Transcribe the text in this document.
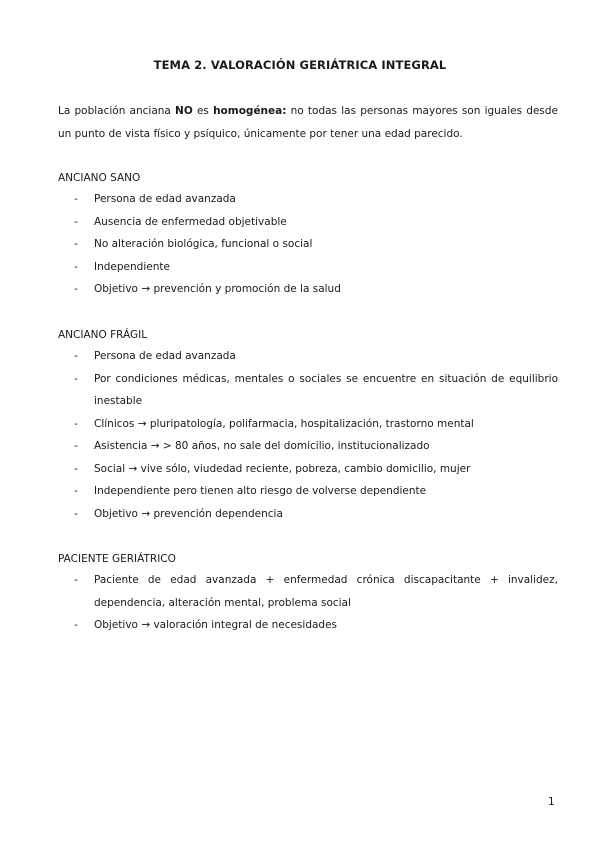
TEMA 2. VALORACIÓN GERIÁTRICA INTEGRAL

La población anciana NO es homogénea: no todas las personas mayores son iguales desde un punto de vista físico y psíquico, únicamente por tener una edad parecido.

ANCIANO SANO
- Persona de edad avanzada
- Ausencia de enfermedad objetivable
- No alteración biológica, funcional o social
- Independiente
- Objetivo → prevención y promoción de la salud
ANCIANO FRÁGIL
- Persona de edad avanzada
- Por condiciones médicas, mentales o sociales se encuentre en situación de equilibrio inestable
- Clínicos → pluripatología, polifarmacia, hospitalización, trastorno mental
- Asistencia → > 80 años, no sale del domicilio, institucionalizado
- Social → vive sólo, viudedad reciente, pobreza, cambio domicilio, mujer
- Independiente pero tienen alto riesgo de volverse dependiente
- Objetivo → prevención dependencia
PACIENTE GERIÁTRICO
- Paciente de edad avanzada + enfermedad crónica discapacitante + invalidez, dependencia, alteración mental, problema social
- Objetivo → valoración integral de necesidades
1
